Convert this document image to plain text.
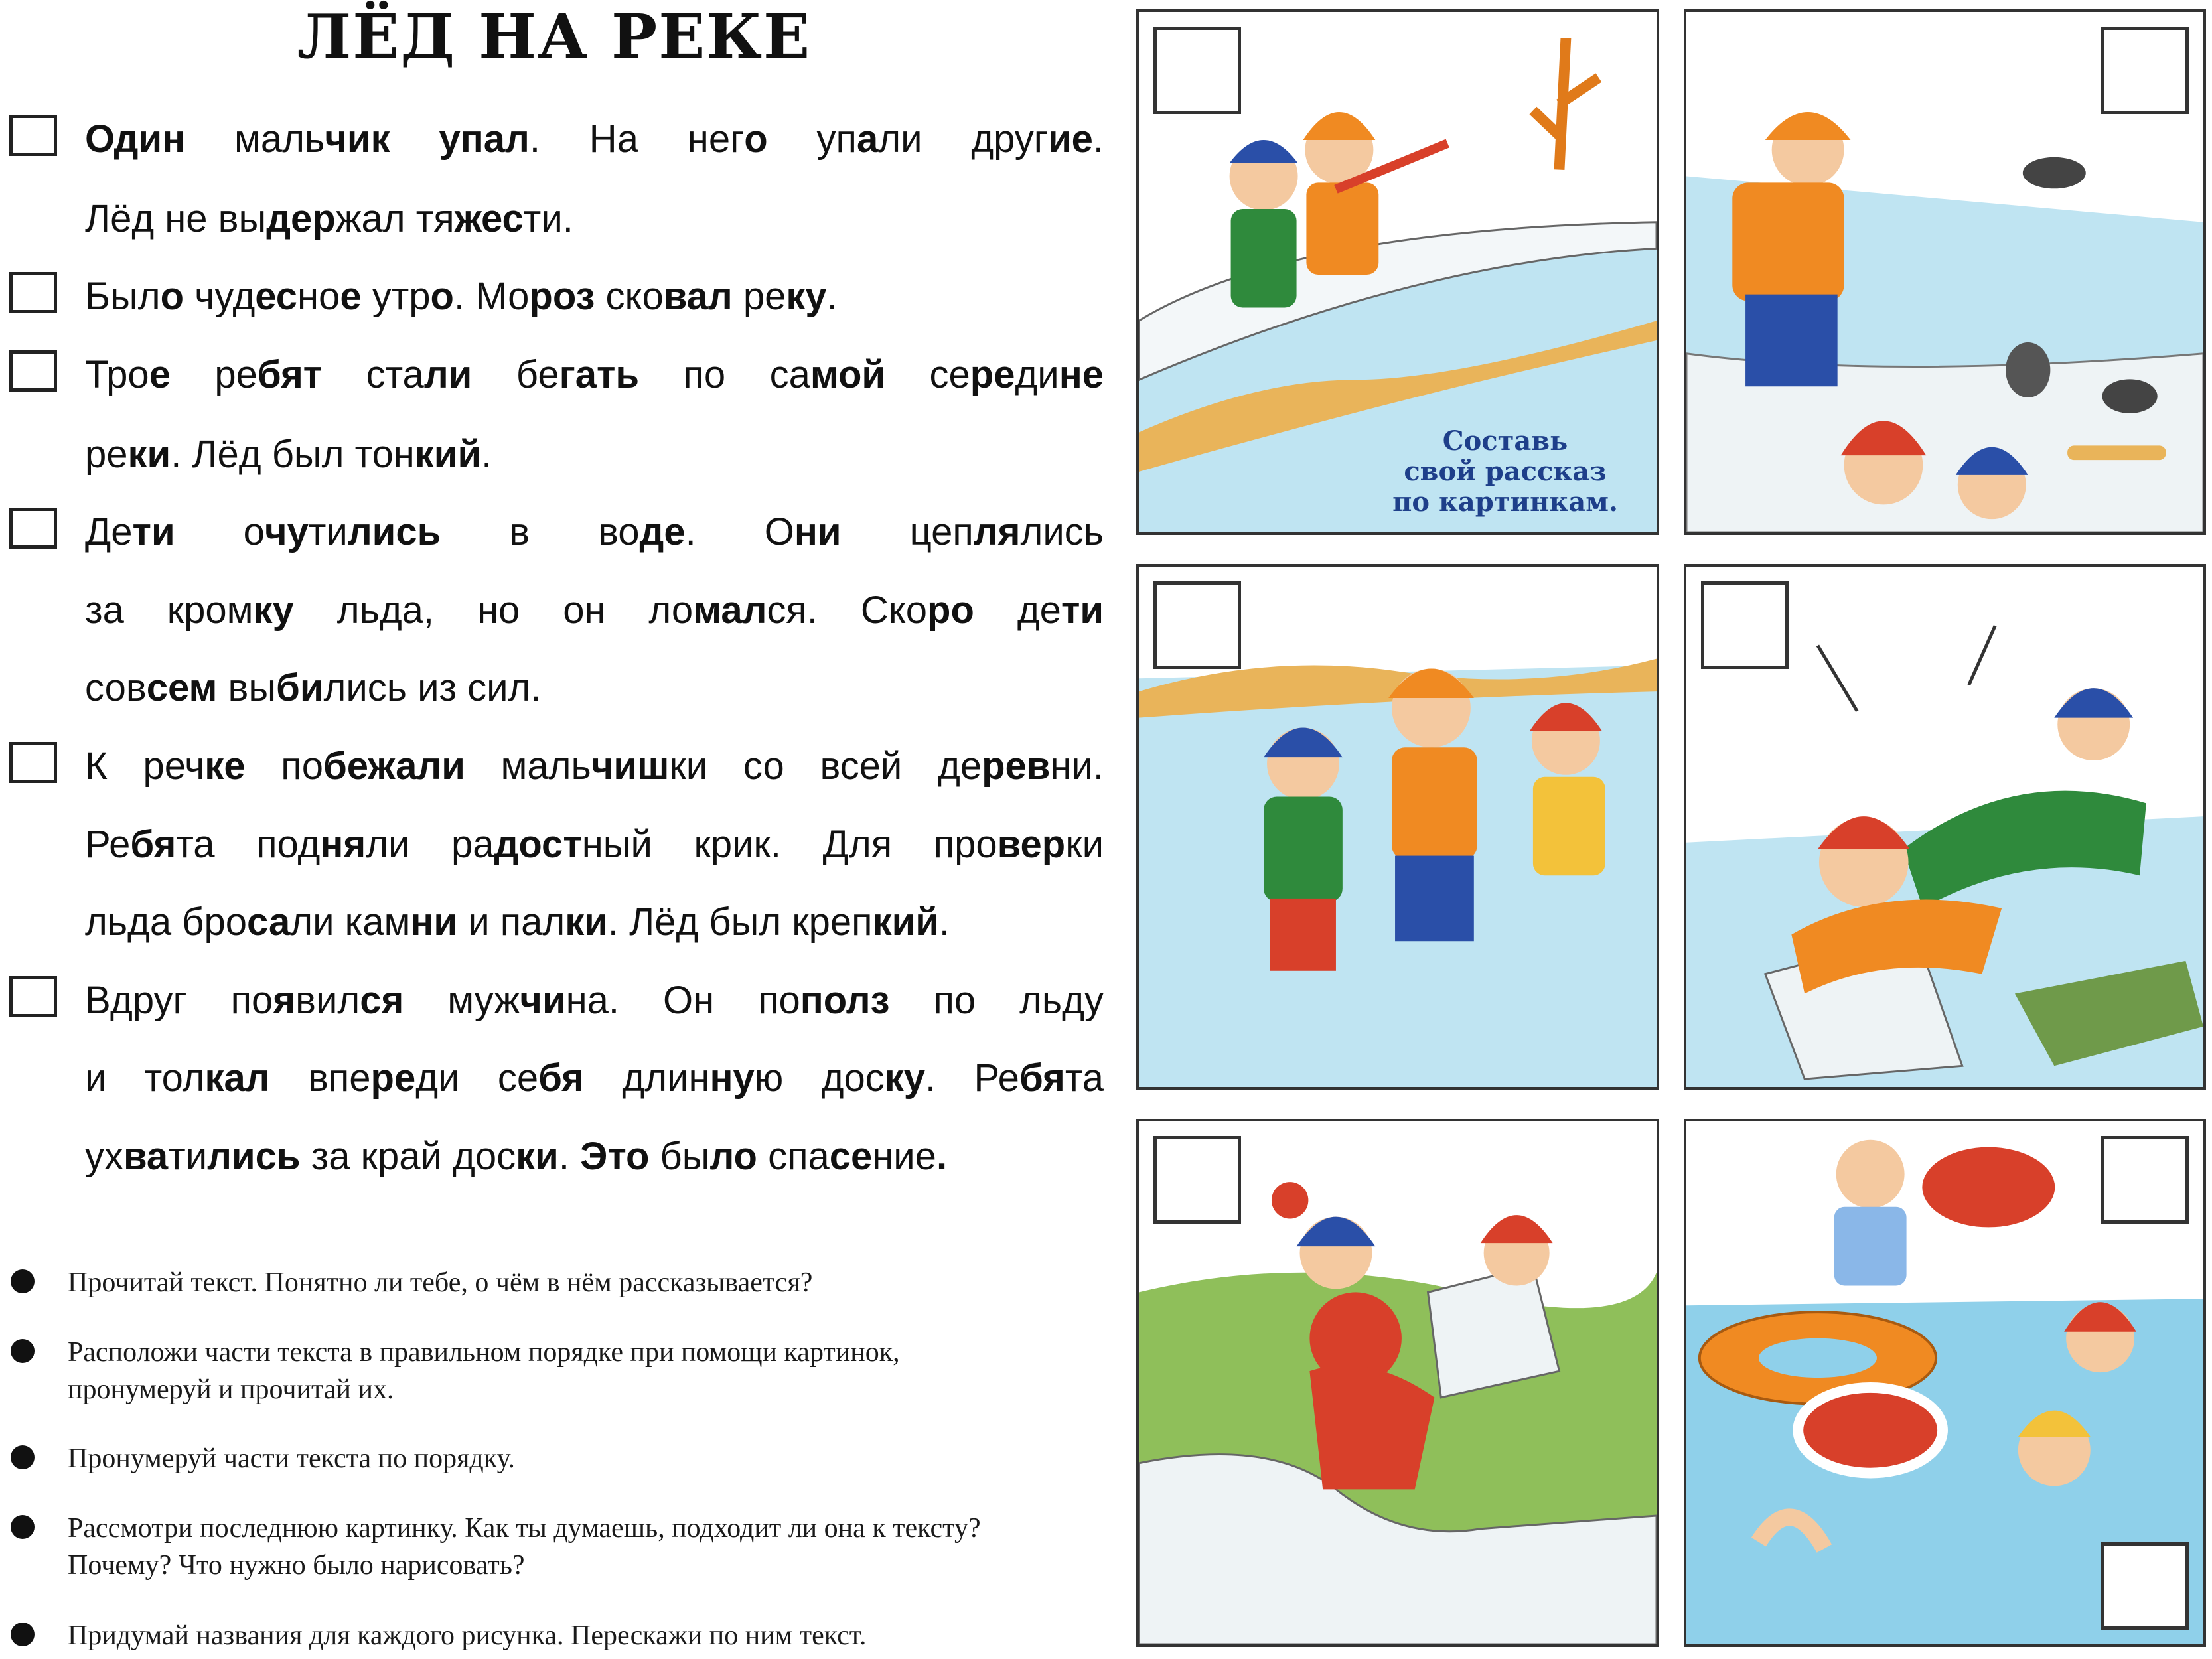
ЛЁД НА РЕКЕ
Один мальчик упал. На него упали другие.
Лёд не выдержал тяжести.
Было чудесное утро. Мороз сковал реку.
Трое ребят стали бегать по самой середине
реки. Лёд был тонкий.
Дети очутились в воде. Они цеплялись
за кромку льда, но он ломался. Скоро дети
совсем выбились из сил.
К речке побежали мальчишки со всей деревни.
Ребята подняли радостный крик. Для проверки
льда бросали камни и палки. Лёд был крепкий.
Вдруг появился мужчина. Он пополз по льду
и толкал впереди себя длинную доску. Ребята
ухватились за край доски. Это было спасение.
Прочитай текст. Понятно ли тебе, о чём в нём рассказывается?
Расположи части текста в правильном порядке при помощи картинок,
пронумеруй и прочитай их.
Пронумеруй части текста по порядку.
Рассмотри последнюю картинку. Как ты думаешь, подходит ли она к тексту?
Почему? Что нужно было нарисовать?
Придумай названия для каждого рисунка. Перескажи по ним текст.
Составь
свой рассказ
по картинкам.
